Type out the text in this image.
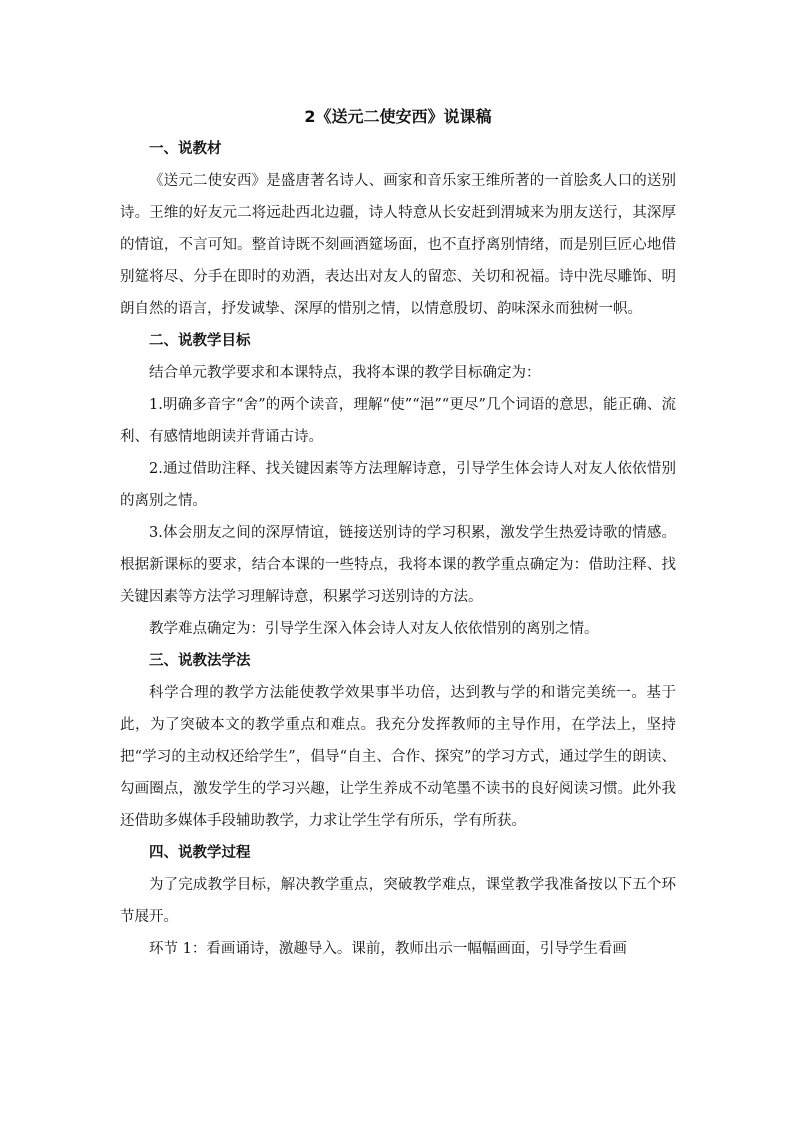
2《送元二使安西》说课稿

一、说教材

《送元二使安西》是盛唐著名诗人、画家和音乐家王维所著的一首脍炙人口的送别诗。王维的好友元二将远赴西北边疆，诗人特意从长安赶到渭城来为朋友送行，其深厚的情谊，不言可知。整首诗既不刻画酒筵场面，也不直抒离别情绪，而是别巨匠心地借别筵将尽、分手在即时的劝酒，表达出对友人的留恋、关切和祝福。诗中洗尽雕饰、明朗自然的语言，抒发诚挚、深厚的惜别之情，以情意殷切、韵味深永而独树一帜。

二、说教学目标

结合单元教学要求和本课特点，我将本课的教学目标确定为：

1.明确多音字“舍”的两个读音，理解“使”“浥”“更尽”几个词语的意思，能正确、流利、有感情地朗读并背诵古诗。

2.通过借助注释、找关键因素等方法理解诗意，引导学生体会诗人对友人依依惜别的离别之情。

3.体会朋友之间的深厚情谊，链接送别诗的学习积累，激发学生热爱诗歌的情感。根据新课标的要求，结合本课的一些特点，我将本课的教学重点确定为：借助注释、找关键因素等方法学习理解诗意，积累学习送别诗的方法。

教学难点确定为：引导学生深入体会诗人对友人依依惜别的离别之情。

三、说教法学法

科学合理的教学方法能使教学效果事半功倍，达到教与学的和谐完美统一。基于此，为了突破本文的教学重点和难点。我充分发挥教师的主导作用，在学法上，坚持把“学习的主动权还给学生”，倡导“自主、合作、探究”的学习方式，通过学生的朗读、勾画圈点，激发学生的学习兴趣，让学生养成不动笔墨不读书的良好阅读习惯。此外我还借助多媒体手段辅助教学，力求让学生学有所乐，学有所获。

四、说教学过程

为了完成教学目标，解决教学重点，突破教学难点，课堂教学我准备按以下五个环节展开。

环节 1：看画诵诗，激趣导入。课前，教师出示一幅幅画面，引导学生看画
